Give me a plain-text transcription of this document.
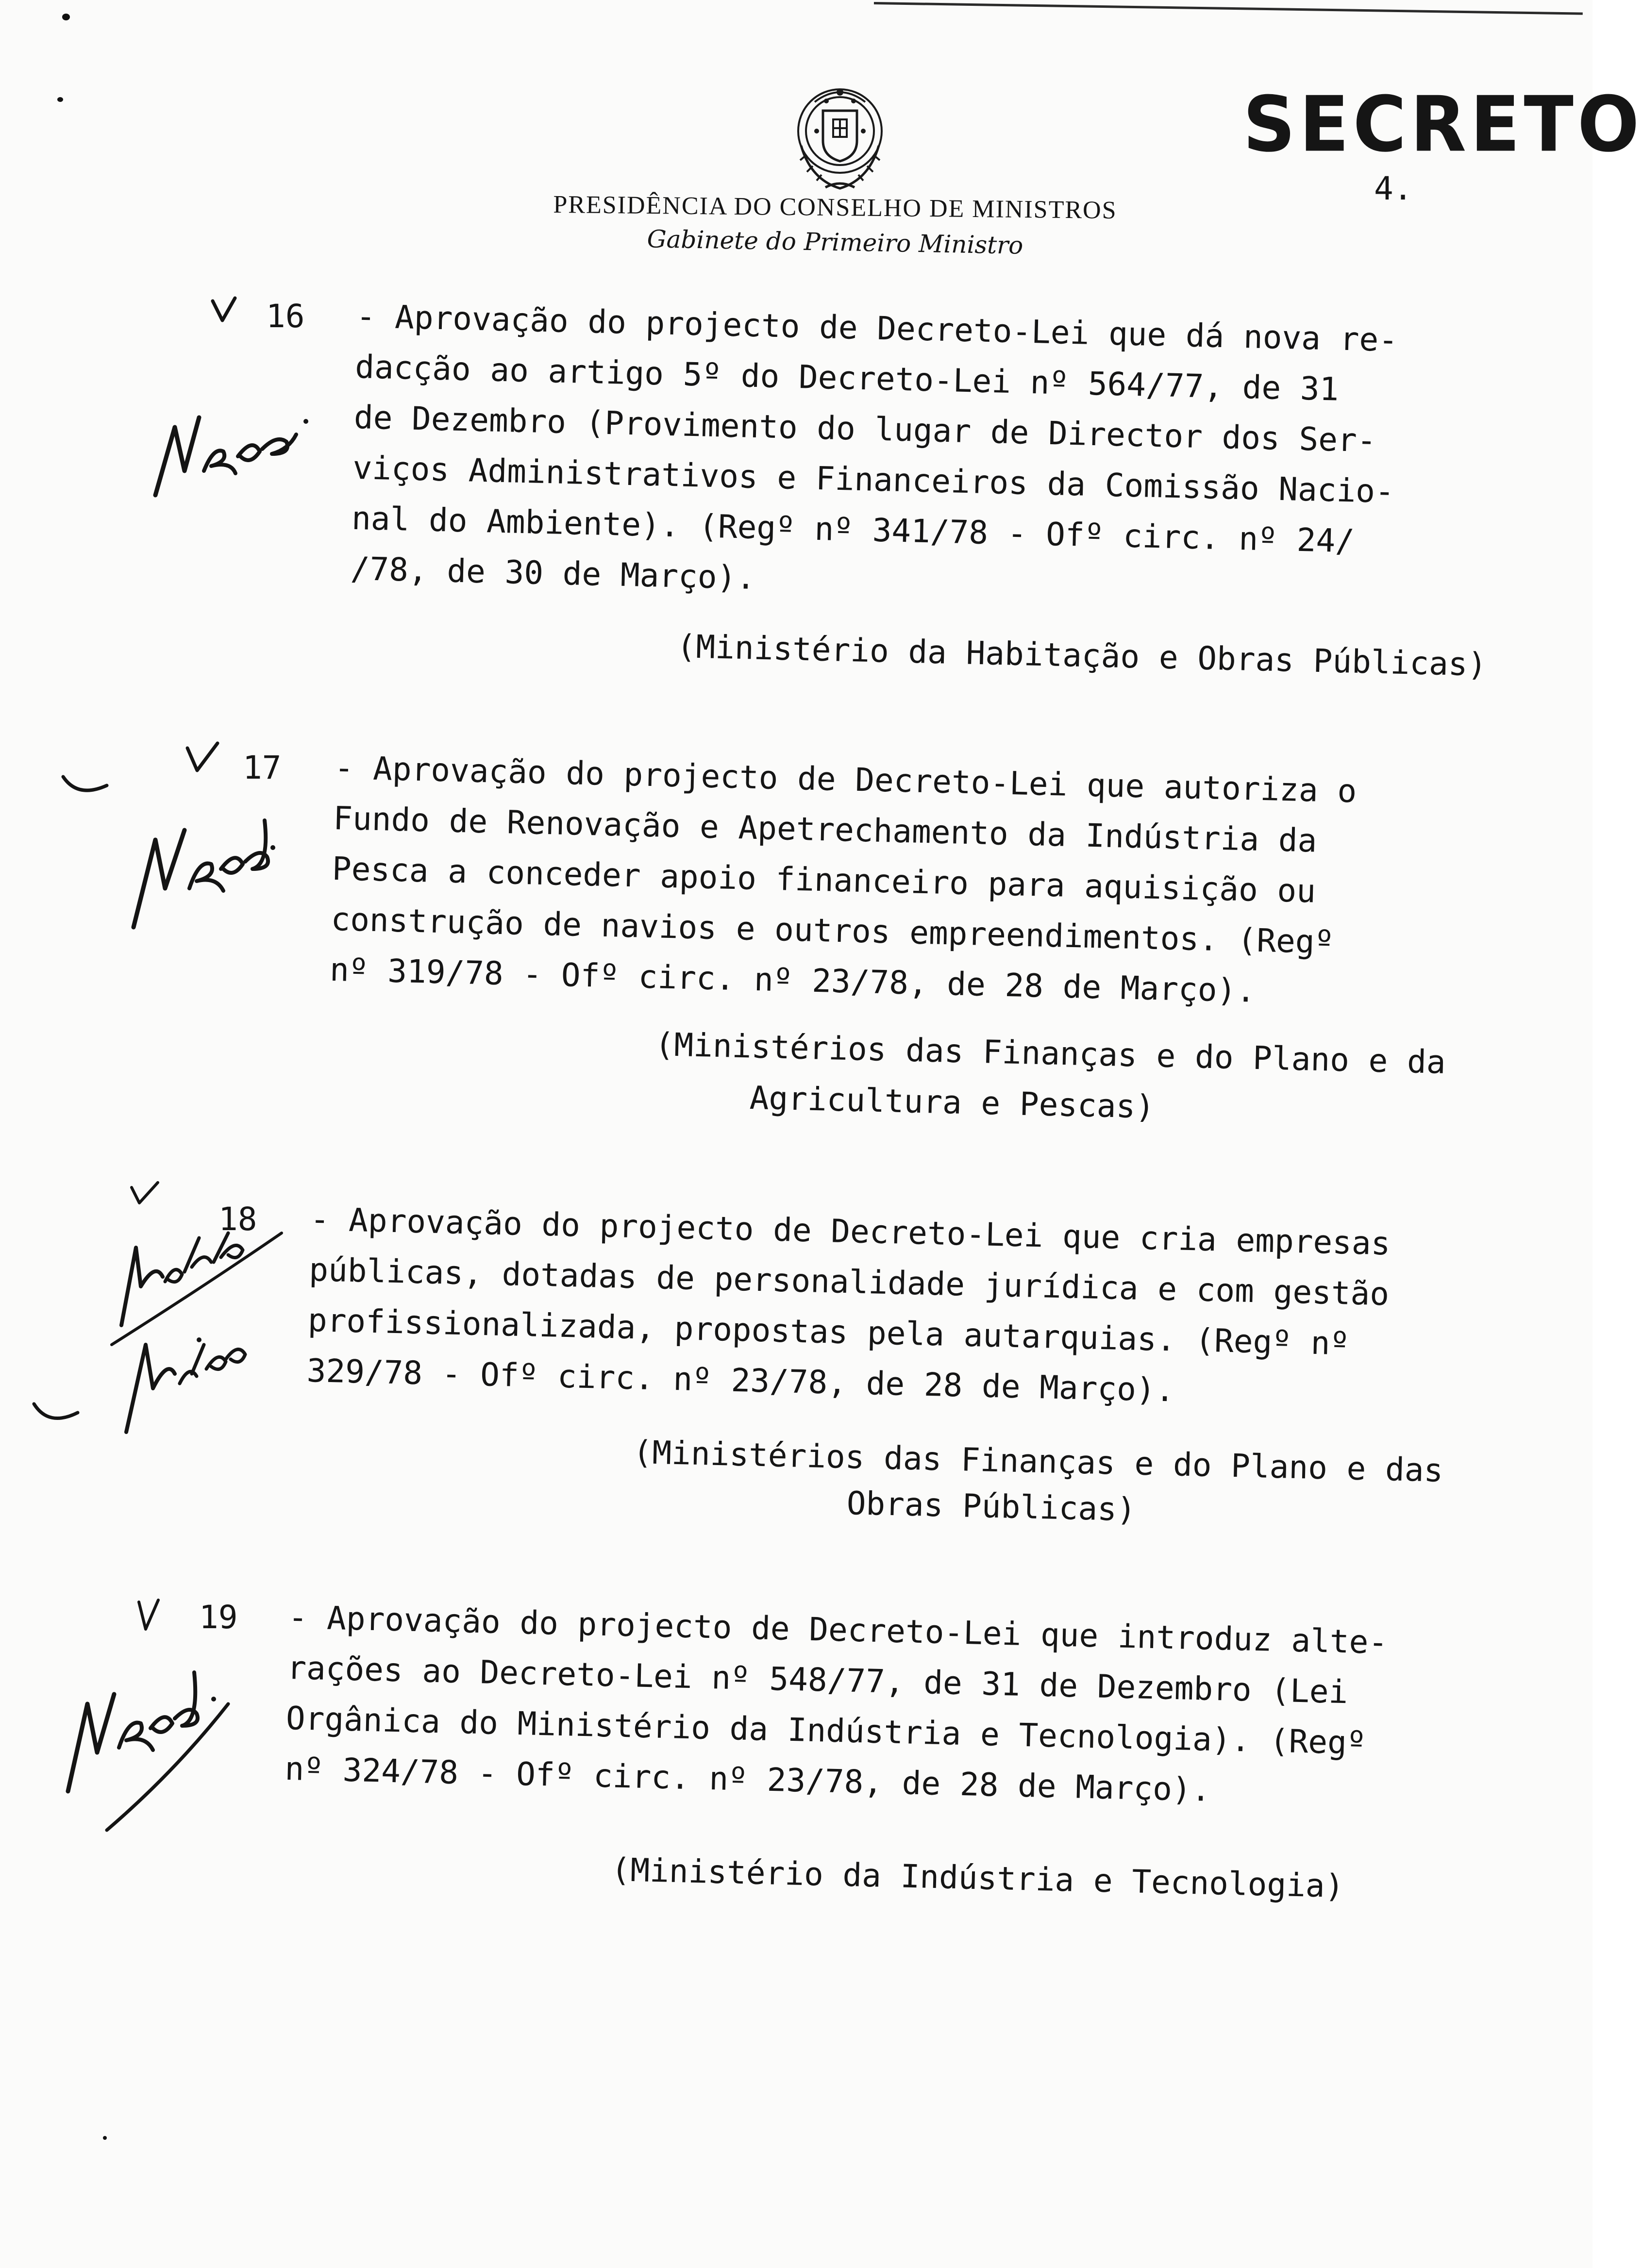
SECRETO
4.
PRESIDÊNCIA DO CONSELHO DE MINISTROS
Gabinete do Primeiro Ministro
16 - Aprovação do projecto de Decreto-Lei que dá nova re-
dacção ao artigo 5º do Decreto-Lei nº 564/77, de 31
de Dezembro (Provimento do lugar de Director dos Ser-
viços Administrativos e Financeiros da Comissão Nacio-
nal do Ambiente). (Regº nº 341/78 - Ofº circ. nº 24/
/78, de 30 de Março).
(Ministério da Habitação e Obras Públicas)
17 - Aprovação do projecto de Decreto-Lei que autoriza o
Fundo de Renovação e Apetrechamento da Indústria da
Pesca a conceder apoio financeiro para aquisição ou
construção de navios e outros empreendimentos. (Regº
nº 319/78 - Ofº circ. nº 23/78, de 28 de Março).
(Ministérios das Finanças e do Plano e da
Agricultura e Pescas)
18 - Aprovação do projecto de Decreto-Lei que cria empresas
públicas, dotadas de personalidade jurídica e com gestão
profissionalizada, propostas pela autarquias. (Regº nº
329/78 - Ofº circ. nº 23/78, de 28 de Março).
(Ministérios das Finanças e do Plano e das
Obras Públicas)
19 - Aprovação do projecto de Decreto-Lei que introduz alte-
rações ao Decreto-Lei nº 548/77, de 31 de Dezembro (Lei
Orgânica do Ministério da Indústria e Tecnologia). (Regº
nº 324/78 - Ofº circ. nº 23/78, de 28 de Março).
(Ministério da Indústria e Tecnologia)
